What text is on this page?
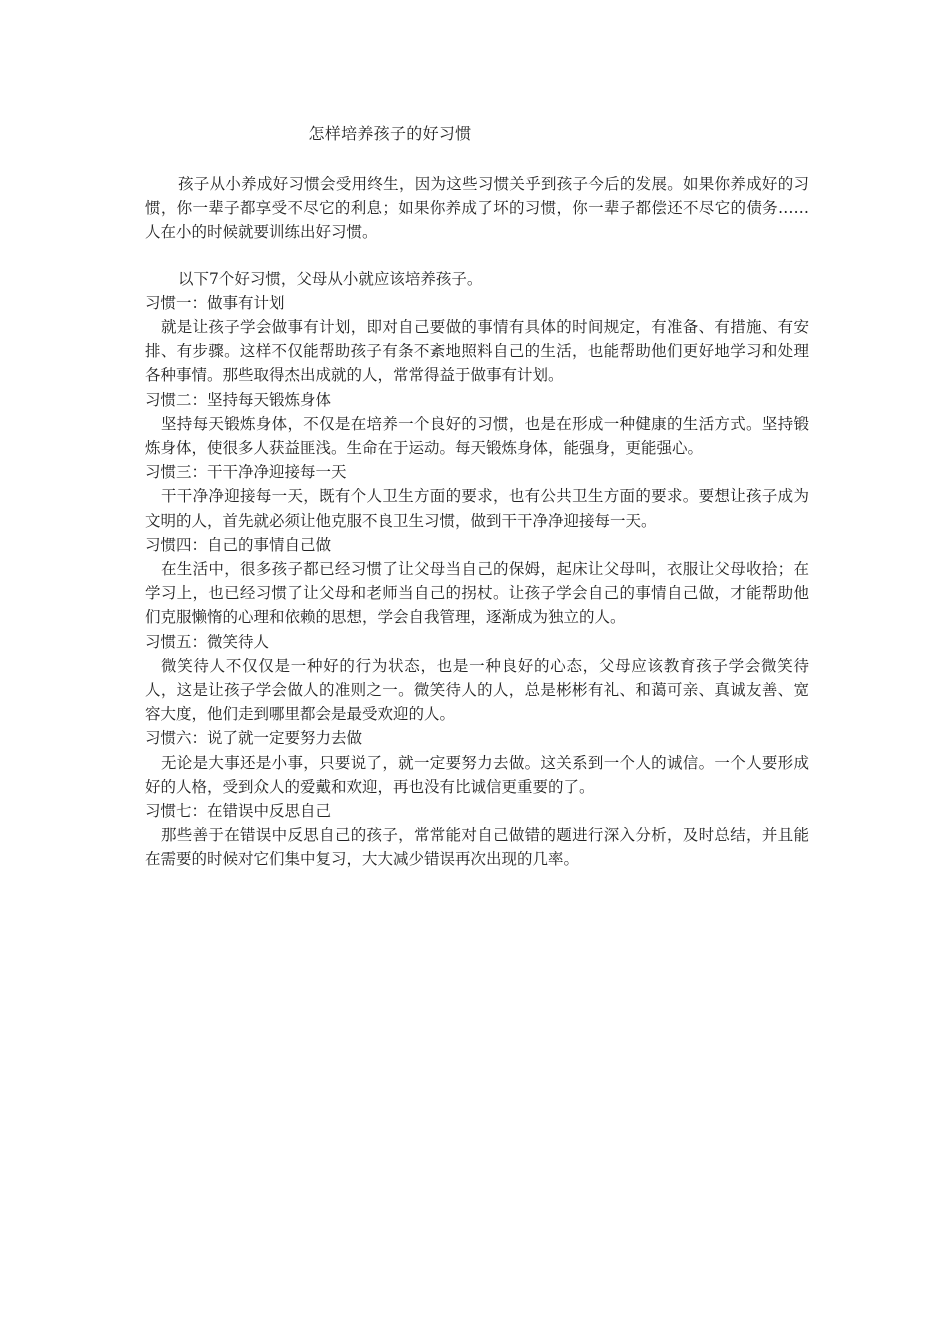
怎样培养孩子的好习惯

孩子从小养成好习惯会受用终生，因为这些习惯关乎到孩子今后的发展。如果你养成好的习惯，你一辈子都享受不尽它的利息；如果你养成了坏的习惯，你一辈子都偿还不尽它的债务……人在小的时候就要训练出好习惯。

以下7个好习惯，父母从小就应该培养孩子。

习惯一：做事有计划

就是让孩子学会做事有计划，即对自己要做的事情有具体的时间规定，有准备、有措施、有安排、有步骤。这样不仅能帮助孩子有条不紊地照料自己的生活，也能帮助他们更好地学习和处理各种事情。那些取得杰出成就的人，常常得益于做事有计划。

习惯二：坚持每天锻炼身体

坚持每天锻炼身体，不仅是在培养一个良好的习惯，也是在形成一种健康的生活方式。坚持锻炼身体，使很多人获益匪浅。生命在于运动。每天锻炼身体，能强身，更能强心。

习惯三：干干净净迎接每一天

干干净净迎接每一天，既有个人卫生方面的要求，也有公共卫生方面的要求。要想让孩子成为文明的人，首先就必须让他克服不良卫生习惯，做到干干净净迎接每一天。

习惯四：自己的事情自己做

在生活中，很多孩子都已经习惯了让父母当自己的保姆，起床让父母叫，衣服让父母收拾；在学习上，也已经习惯了让父母和老师当自己的拐杖。让孩子学会自己的事情自己做，才能帮助他们克服懒惰的心理和依赖的思想，学会自我管理，逐渐成为独立的人。

习惯五：微笑待人

微笑待人不仅仅是一种好的行为状态，也是一种良好的心态，父母应该教育孩子学会微笑待人，这是让孩子学会做人的准则之一。微笑待人的人，总是彬彬有礼、和蔼可亲、真诚友善、宽容大度，他们走到哪里都会是最受欢迎的人。

习惯六：说了就一定要努力去做

无论是大事还是小事，只要说了，就一定要努力去做。这关系到一个人的诚信。一个人要形成好的人格，受到众人的爱戴和欢迎，再也没有比诚信更重要的了。

习惯七：在错误中反思自己

那些善于在错误中反思自己的孩子，常常能对自己做错的题进行深入分析，及时总结，并且能在需要的时候对它们集中复习，大大减少错误再次出现的几率。
